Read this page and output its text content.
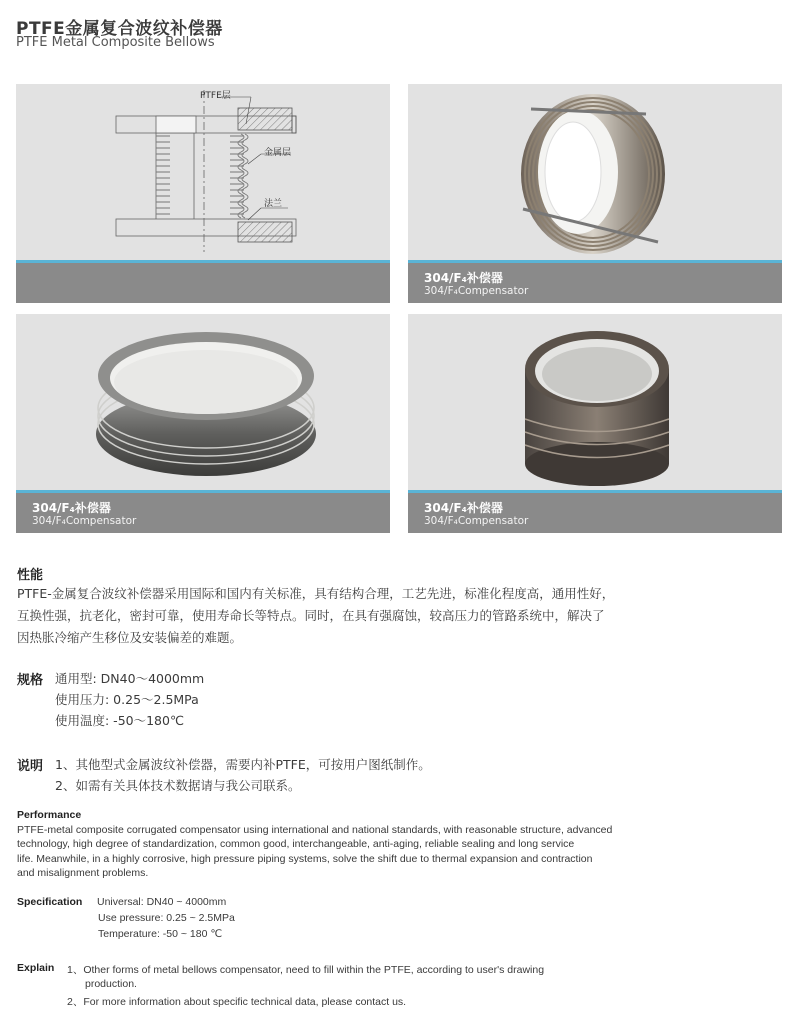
PTFE金属复合波纹补偿器
PTFE Metal Composite Bellows
PTFE层
金属层
法兰
304/F₄补偿器
304/F₄Compensator
304/F₄补偿器
304/F₄Compensator
304/F₄补偿器
304/F₄Compensator
性能
PTFE-金属复合波纹补偿器采用国际和国内有关标准，具有结构合理，工艺先进，标准化程度高，通用性好，
互换性强，抗老化，密封可靠，使用寿命长等特点。同时，在具有强腐蚀，较高压力的管路系统中，解决了
因热胀冷缩产生移位及安装偏差的难题。
规格 通用型: DN40～4000mm
使用压力: 0.25～2.5MPa
使用温度: -50～180℃
说明 1、其他型式金属波纹补偿器，需要内补PTFE，可按用户图纸制作。
2、如需有关具体技术数据请与我公司联系。
Performance
PTFE-metal composite corrugated compensator using international and national standards, with reasonable structure, advanced
technology, high degree of standardization, common good, interchangeable, anti-aging, reliable sealing and long service
life. Meanwhile, in a highly corrosive, high pressure piping systems, solve the shift due to thermal expansion and contraction
and misalignment problems.
Specification Universal: DN40 ~ 4000mm
Use pressure: 0.25 ~ 2.5MPa
Temperature: -50 ~ 180 ℃
Explain 1、Other forms of metal bellows compensator, need to fill within the PTFE, according to user's drawing
production.
2、For more information about specific technical data, please contact us.
